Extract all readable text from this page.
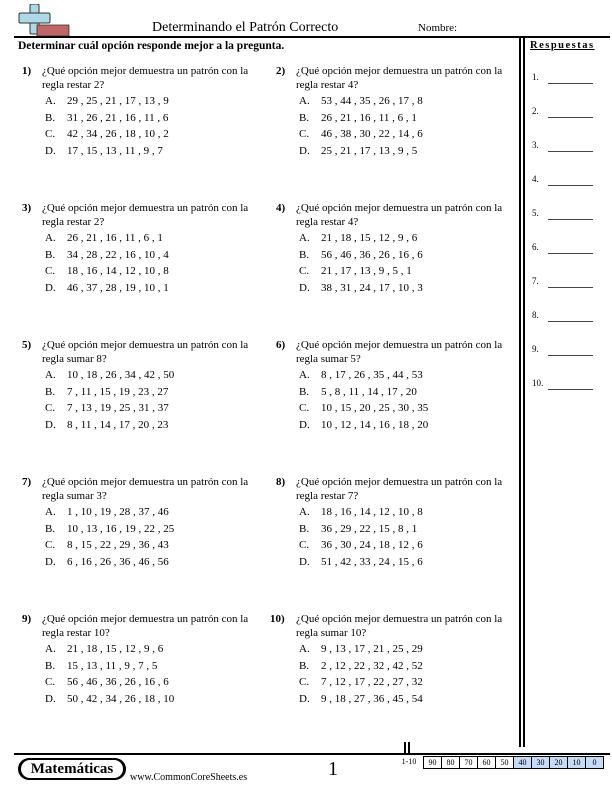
Determinando el Patrón Correcto	Nombre:
Determinar cuál opción responde mejor a la pregunta.	Respuestas
1.
2.
3.
4.
5.
6.
7.
8.
9.
10.
1) ¿Qué opción mejor demuestra un patrón con la regla restar 2?
A.	29 , 25 , 21 , 17 , 13 , 9
B.	31 , 26 , 21 , 16 , 11 , 6
C.	42 , 34 , 26 , 18 , 10 , 2
D.	17 , 15 , 13 , 11 , 9 , 7
2) ¿Qué opción mejor demuestra un patrón con la regla restar 4?
A.	53 , 44 , 35 , 26 , 17 , 8
B.	26 , 21 , 16 , 11 , 6 , 1
C.	46 , 38 , 30 , 22 , 14 , 6
D.	25 , 21 , 17 , 13 , 9 , 5
3) ¿Qué opción mejor demuestra un patrón con la regla restar 2?
A.	26 , 21 , 16 , 11 , 6 , 1
B.	34 , 28 , 22 , 16 , 10 , 4
C.	18 , 16 , 14 , 12 , 10 , 8
D.	46 , 37 , 28 , 19 , 10 , 1
4) ¿Qué opción mejor demuestra un patrón con la regla restar 4?
A.	21 , 18 , 15 , 12 , 9 , 6
B.	56 , 46 , 36 , 26 , 16 , 6
C.	21 , 17 , 13 , 9 , 5 , 1
D.	38 , 31 , 24 , 17 , 10 , 3
5) ¿Qué opción mejor demuestra un patrón con la regla sumar 8?
A.	10 , 18 , 26 , 34 , 42 , 50
B.	7 , 11 , 15 , 19 , 23 , 27
C.	7 , 13 , 19 , 25 , 31 , 37
D.	8 , 11 , 14 , 17 , 20 , 23
6) ¿Qué opción mejor demuestra un patrón con la regla sumar 5?
A.	8 , 17 , 26 , 35 , 44 , 53
B.	5 , 8 , 11 , 14 , 17 , 20
C.	10 , 15 , 20 , 25 , 30 , 35
D.	10 , 12 , 14 , 16 , 18 , 20
7) ¿Qué opción mejor demuestra un patrón con la regla sumar 3?
A.	1 , 10 , 19 , 28 , 37 , 46
B.	10 , 13 , 16 , 19 , 22 , 25
C.	8 , 15 , 22 , 29 , 36 , 43
D.	6 , 16 , 26 , 36 , 46 , 56
8) ¿Qué opción mejor demuestra un patrón con la regla restar 7?
A.	18 , 16 , 14 , 12 , 10 , 8
B.	36 , 29 , 22 , 15 , 8 , 1
C.	36 , 30 , 24 , 18 , 12 , 6
D.	51 , 42 , 33 , 24 , 15 , 6
9) ¿Qué opción mejor demuestra un patrón con la regla restar 10?
A.	21 , 18 , 15 , 12 , 9 , 6
B.	15 , 13 , 11 , 9 , 7 , 5
C.	56 , 46 , 36 , 26 , 16 , 6
D.	50 , 42 , 34 , 26 , 18 , 10
10) ¿Qué opción mejor demuestra un patrón con la regla sumar 10?
A.	9 , 13 , 17 , 21 , 25 , 29
B.	2 , 12 , 22 , 32 , 42 , 52
C.	7 , 12 , 17 , 22 , 27 , 32
D.	9 , 18 , 27 , 36 , 45 , 54
Matemáticas
www.CommonCoreSheets.es	1	1-10	90	80	70	60	50	40	30	20	10	0
